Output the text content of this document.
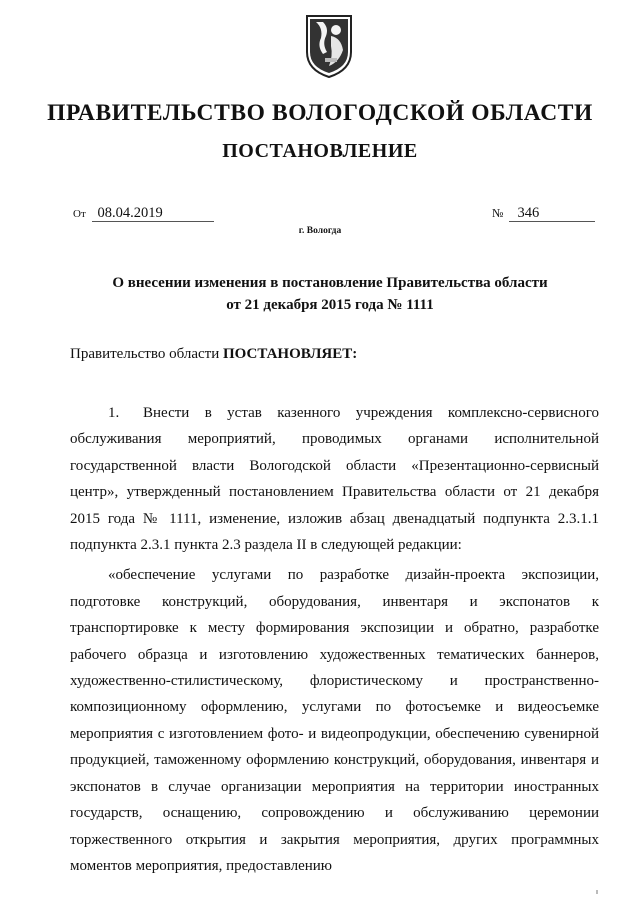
ПРАВИТЕЛЬСТВО ВОЛОГОДСКОЙ ОБЛАСТИ
ПОСТАНОВЛЕНИЕ
От 08.04.2019	№ 346
г. Вологда
О внесении изменения в постановление Правительства области
от 21 декабря 2015 года № 1111
Правительство области ПОСТАНОВЛЯЕТ:

1. Внести в устав казенного учреждения комплексно-сервисного обслуживания мероприятий, проводимых органами исполнительной государственной власти Вологодской области «Презентационно-сервисный центр», утвержденный постановлением Правительства области от 21 декабря 2015 года № 1111, изменение, изложив абзац двенадцатый подпункта 2.3.1.1 подпункта 2.3.1 пункта 2.3 раздела II в следующей редакции:

«обеспечение услугами по разработке дизайн-проекта экспозиции, подготовке конструкций, оборудования, инвентаря и экспонатов к транспортировке к месту формирования экспозиции и обратно, разработке рабочего образца и изготовлению художественных тематических баннеров, художественно-стилистическому, флористическому и пространственно-композиционному оформлению, услугами по фотосъемке и видеосъемке мероприятия с изготовлением фото- и видеопродукции, обеспечению сувенирной продукцией, таможенному оформлению конструкций, оборудования, инвентаря и экспонатов в случае организации мероприятия на территории иностранных государств, оснащению, сопровождению и обслуживанию церемонии торжественного открытия и закрытия мероприятия, других программных моментов мероприятия, предоставлению
